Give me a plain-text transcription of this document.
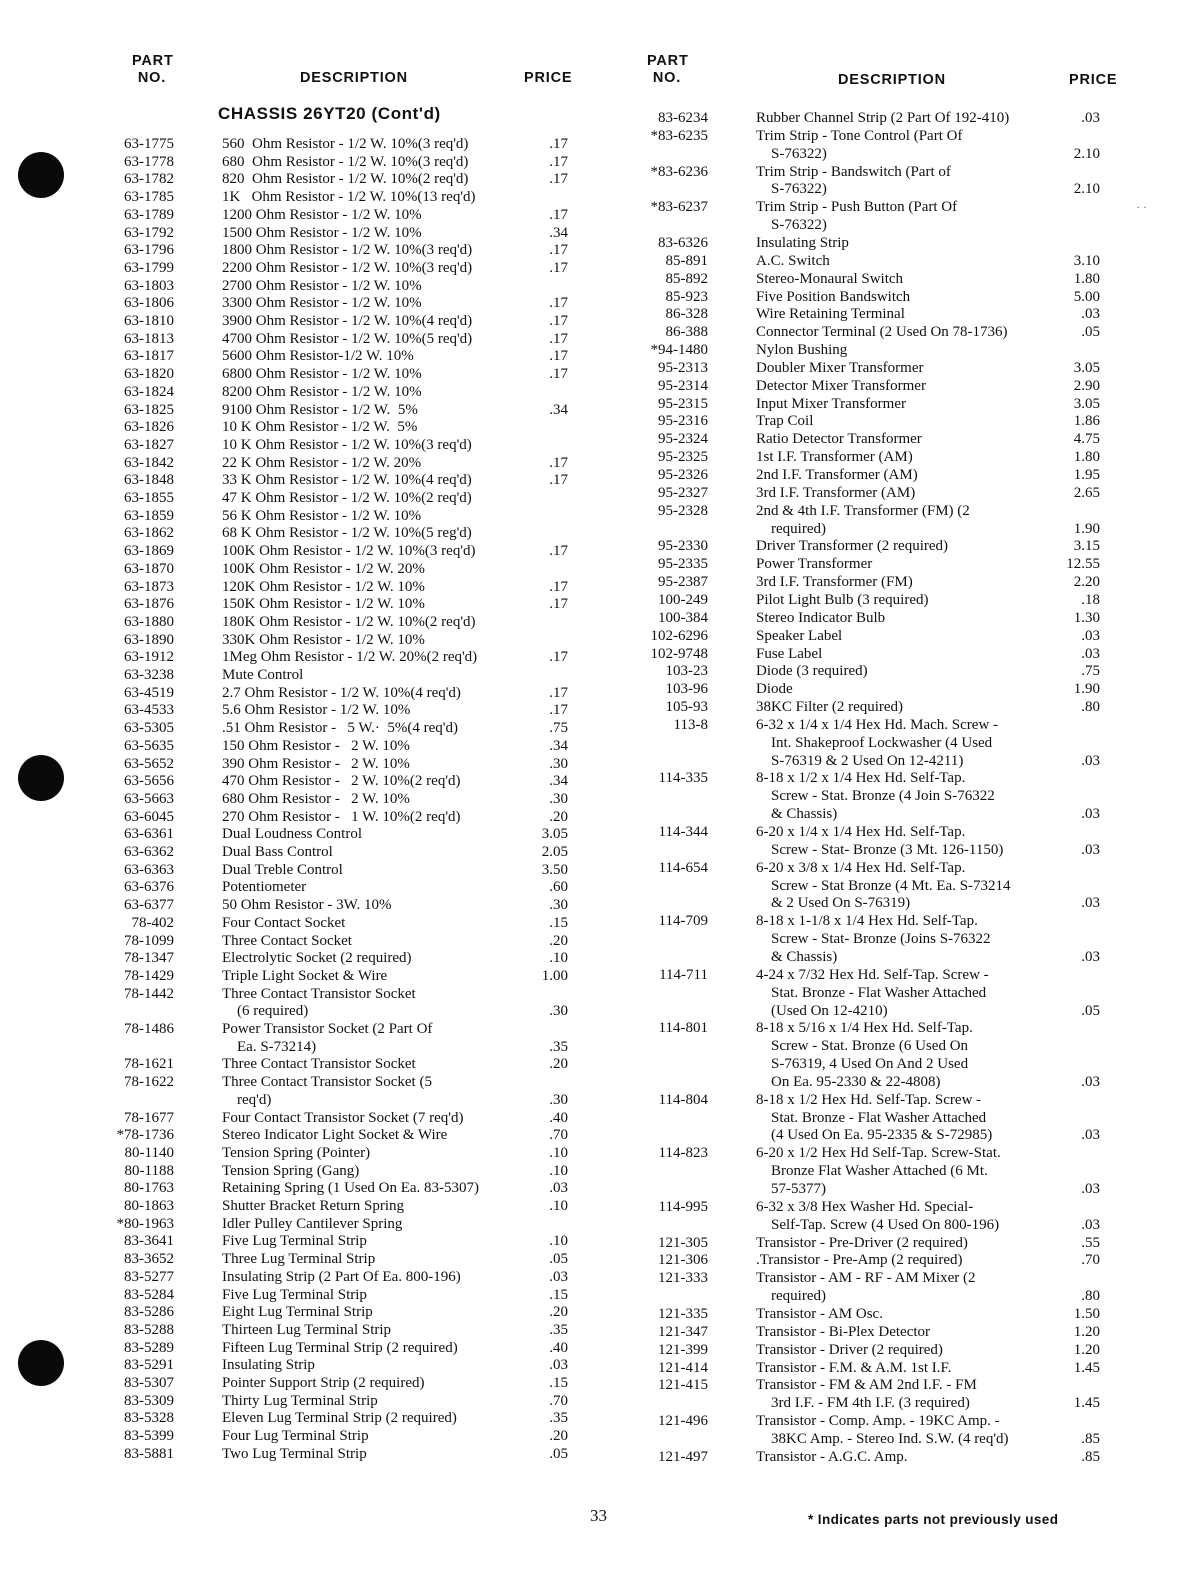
PART NO.	DESCRIPTION	PRICE
PART NO.	DESCRIPTION	PRICE
CHASSIS 26YT20 (Cont'd)
63-1775	560  Ohm Resistor - 1/2 W. 10%(3 req'd)	.17
63-1778	680  Ohm Resistor - 1/2 W. 10%(3 req'd)	.17
63-1782	820  Ohm Resistor - 1/2 W. 10%(2 req'd)	.17
63-1785	1K   Ohm Resistor - 1/2 W. 10%(13 req'd)
63-1789	1200 Ohm Resistor - 1/2 W. 10%	.17
63-1792	1500 Ohm Resistor - 1/2 W. 10%	.34
63-1796	1800 Ohm Resistor - 1/2 W. 10%(3 req'd)	.17
63-1799	2200 Ohm Resistor - 1/2 W. 10%(3 req'd)	.17
63-1803	2700 Ohm Resistor - 1/2 W. 10%
63-1806	3300 Ohm Resistor - 1/2 W. 10%	.17
63-1810	3900 Ohm Resistor - 1/2 W. 10%(4 req'd)	.17
63-1813	4700 Ohm Resistor - 1/2 W. 10%(5 req'd)	.17
63-1817	5600 Ohm Resistor-1/2 W. 10%	.17
63-1820	6800 Ohm Resistor - 1/2 W. 10%	.17
63-1824	8200 Ohm Resistor - 1/2 W. 10%
63-1825	9100 Ohm Resistor - 1/2 W.  5%	.34
63-1826	10 K Ohm Resistor - 1/2 W.  5%
63-1827	10 K Ohm Resistor - 1/2 W. 10%(3 req'd)
63-1842	22 K Ohm Resistor - 1/2 W. 20%	.17
63-1848	33 K Ohm Resistor - 1/2 W. 10%(4 req'd)	.17
63-1855	47 K Ohm Resistor - 1/2 W. 10%(2 req'd)
63-1859	56 K Ohm Resistor - 1/2 W. 10%
63-1862	68 K Ohm Resistor - 1/2 W. 10%(5 reg'd)
63-1869	100K Ohm Resistor - 1/2 W. 10%(3 req'd)	.17
63-1870	100K Ohm Resistor - 1/2 W. 20%
63-1873	120K Ohm Resistor - 1/2 W. 10%	.17
63-1876	150K Ohm Resistor - 1/2 W. 10%	.17
63-1880	180K Ohm Resistor - 1/2 W. 10%(2 req'd)
63-1890	330K Ohm Resistor - 1/2 W. 10%
63-1912	1Meg Ohm Resistor - 1/2 W. 20%(2 req'd)	.17
63-3238	Mute Control
63-4519	2.7 Ohm Resistor - 1/2 W. 10%(4 req'd)	.17
63-4533	5.6 Ohm Resistor - 1/2 W. 10%	.17
63-5305	.51 Ohm Resistor -   5 W.·  5%(4 req'd)	.75
63-5635	150 Ohm Resistor -   2 W. 10%	.34
63-5652	390 Ohm Resistor -   2 W. 10%	.30
63-5656	470 Ohm Resistor -   2 W. 10%(2 req'd)	.34
63-5663	680 Ohm Resistor -   2 W. 10%	.30
63-6045	270 Ohm Resistor -   1 W. 10%(2 req'd)	.20
63-6361	Dual Loudness Control	3.05
63-6362	Dual Bass Control	2.05
63-6363	Dual Treble Control	3.50
63-6376	Potentiometer	.60
63-6377	50 Ohm Resistor - 3W. 10%	.30
78-402	Four Contact Socket	.15
78-1099	Three Contact Socket	.20
78-1347	Electrolytic Socket (2 required)	.10
78-1429	Triple Light Socket & Wire	1.00
78-1442	Three Contact Transistor Socket
(6 required)	.30
78-1486	Power Transistor Socket (2 Part Of
Ea. S-73214)	.35
78-1621	Three Contact Transistor Socket	.20
78-1622	Three Contact Transistor Socket (5
req'd)	.30
78-1677	Four Contact Transistor Socket (7 req'd)	.40
*78-1736	Stereo Indicator Light Socket & Wire	.70
80-1140	Tension Spring (Pointer)	.10
80-1188	Tension Spring (Gang)	.10
80-1763	Retaining Spring (1 Used On Ea. 83-5307)	.03
80-1863	Shutter Bracket Return Spring	.10
*80-1963	Idler Pulley Cantilever Spring
83-3641	Five Lug Terminal Strip	.10
83-3652	Three Lug Terminal Strip	.05
83-5277	Insulating Strip (2 Part Of Ea. 800-196)	.03
83-5284	Five Lug Terminal Strip	.15
83-5286	Eight Lug Terminal Strip	.20
83-5288	Thirteen Lug Terminal Strip	.35
83-5289	Fifteen Lug Terminal Strip (2 required)	.40
83-5291	Insulating Strip	.03
83-5307	Pointer Support Strip (2 required)	.15
83-5309	Thirty Lug Terminal Strip	.70
83-5328	Eleven Lug Terminal Strip (2 required)	.35
83-5399	Four Lug Terminal Strip	.20
83-5881	Two Lug Terminal Strip	.05
83-6234	Rubber Channel Strip (2 Part Of 192-410)	.03
*83-6235	Trim Strip - Tone Control (Part Of
S-76322)	2.10
*83-6236	Trim Strip - Bandswitch (Part of
S-76322)	2.10
*83-6237	Trim Strip - Push Button (Part Of
S-76322)
83-6326	Insulating Strip
85-891	A.C. Switch	3.10
85-892	Stereo-Monaural Switch	1.80
85-923	Five Position Bandswitch	5.00
86-328	Wire Retaining Terminal	.03
86-388	Connector Terminal (2 Used On 78-1736)	.05
*94-1480	Nylon Bushing
95-2313	Doubler Mixer Transformer	3.05
95-2314	Detector Mixer Transformer	2.90
95-2315	Input Mixer Transformer	3.05
95-2316	Trap Coil	1.86
95-2324	Ratio Detector Transformer	4.75
95-2325	1st I.F. Transformer (AM)	1.80
95-2326	2nd I.F. Transformer (AM)	1.95
95-2327	3rd I.F. Transformer (AM)	2.65
95-2328	2nd & 4th I.F. Transformer (FM) (2
required)	1.90
95-2330	Driver Transformer (2 required)	3.15
95-2335	Power Transformer	12.55
95-2387	3rd I.F. Transformer (FM)	2.20
100-249	Pilot Light Bulb (3 required)	.18
100-384	Stereo Indicator Bulb	1.30
102-6296	Speaker Label	.03
102-9748	Fuse Label	.03
103-23	Diode (3 required)	.75
103-96	Diode	1.90
105-93	38KC Filter (2 required)	.80
113-8	6-32 x 1/4 x 1/4 Hex Hd. Mach. Screw -
Int. Shakeproof Lockwasher (4 Used
S-76319 & 2 Used On 12-4211)	.03
114-335	8-18 x 1/2 x 1/4 Hex Hd. Self-Tap.
Screw - Stat. Bronze (4 Join S-76322
& Chassis)	.03
114-344	6-20 x 1/4 x 1/4 Hex Hd. Self-Tap.
Screw - Stat- Bronze (3 Mt. 126-1150)	.03
114-654	6-20 x 3/8 x 1/4 Hex Hd. Self-Tap.
Screw - Stat Bronze (4 Mt. Ea. S-73214
& 2 Used On S-76319)	.03
114-709	8-18 x 1-1/8 x 1/4 Hex Hd. Self-Tap.
Screw - Stat- Bronze (Joins S-76322
& Chassis)	.03
114-711	4-24 x 7/32 Hex Hd. Self-Tap. Screw -
Stat. Bronze - Flat Washer Attached
(Used On 12-4210)	.05
114-801	8-18 x 5/16 x 1/4 Hex Hd. Self-Tap.
Screw - Stat. Bronze (6 Used On
S-76319, 4 Used On And 2 Used
On Ea. 95-2330 & 22-4808)	.03
114-804	8-18 x 1/2 Hex Hd. Self-Tap. Screw -
Stat. Bronze - Flat Washer Attached
(4 Used On Ea. 95-2335 & S-72985)	.03
114-823	6-20 x 1/2 Hex Hd Self-Tap. Screw-Stat.
Bronze Flat Washer Attached (6 Mt.
57-5377)	.03
114-995	6-32 x 3/8 Hex Washer Hd. Special-
Self-Tap. Screw (4 Used On 800-196)	.03
121-305	Transistor - Pre-Driver (2 required)	.55
121-306	.Transistor - Pre-Amp (2 required)	.70
121-333	Transistor - AM - RF - AM Mixer (2
required)	.80
121-335	Transistor - AM Osc.	1.50
121-347	Transistor - Bi-Plex Detector	1.20
121-399	Transistor - Driver (2 required)	1.20
121-414	Transistor - F.M. & A.M. 1st I.F.	1.45
121-415	Transistor - FM & AM 2nd I.F. - FM
3rd I.F. - FM 4th I.F. (3 required)	1.45
121-496	Transistor - Comp. Amp. - 19KC Amp. -
38KC Amp. - Stereo Ind. S.W. (4 req'd)	.85
121-497	Transistor - A.G.C. Amp.	.85
33	* Indicates parts not previously used
· ·
